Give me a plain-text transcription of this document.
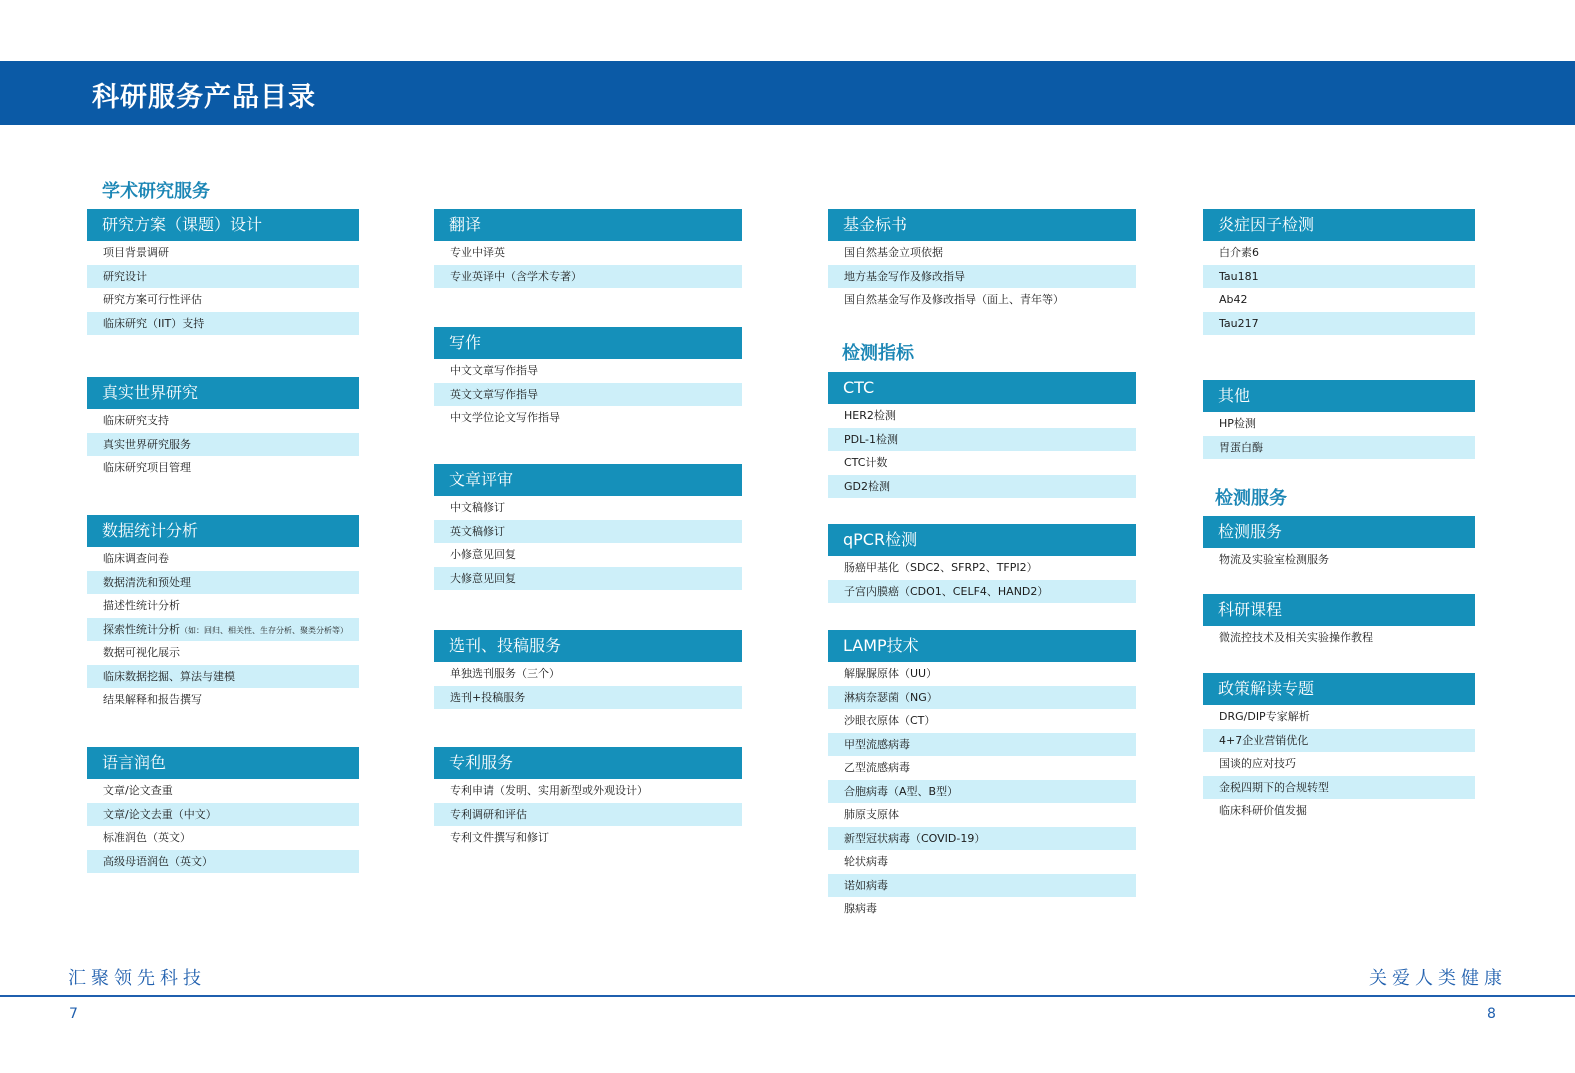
科研服务产品目录
学术研究服务
检测指标
检测服务
研究方案（课题）设计
项目背景调研
研究设计
研究方案可行性评估
临床研究（IIT）支持
真实世界研究
临床研究支持
真实世界研究服务
临床研究项目管理
数据统计分析
临床调查问卷
数据清洗和预处理
描述性统计分析
探索性统计分析（如：回归、相关性、生存分析、聚类分析等）
数据可视化展示
临床数据挖掘、算法与建模
结果解释和报告撰写
语言润色
文章/论文查重
文章/论文去重（中文）
标准润色（英文）
高级母语润色（英文）
翻译
专业中译英
专业英译中（含学术专著）
写作
中文文章写作指导
英文文章写作指导
中文学位论文写作指导
文章评审
中文稿修订
英文稿修订
小修意见回复
大修意见回复
选刊、投稿服务
单独选刊服务（三个）
选刊+投稿服务
专利服务
专利申请（发明、实用新型或外观设计）
专利调研和评估
专利文件撰写和修订
基金标书
国自然基金立项依据
地方基金写作及修改指导
国自然基金写作及修改指导（面上、青年等）
CTC
HER2检测
PDL-1检测
CTC计数
GD2检测
qPCR检测
肠癌甲基化（SDC2、SFRP2、TFPI2）
子宫内膜癌（CDO1、CELF4、HAND2）
LAMP技术
解脲脲原体（UU）
淋病奈瑟菌（NG）
沙眼衣原体（CT）
甲型流感病毒
乙型流感病毒
合胞病毒（A型、B型）
肺原支原体
新型冠状病毒（COVID-19）
轮状病毒
诺如病毒
腺病毒
炎症因子检测
白介素6
Tau181
Ab42
Tau217
其他
HP检测
胃蛋白酶
检测服务
物流及实验室检测服务
科研课程
微流控技术及相关实验操作教程
政策解读专题
DRG/DIP专家解析
4+7企业营销优化
国谈的应对技巧
金税四期下的合规转型
临床科研价值发掘
汇聚领先科技	关爱人类健康
7	8
